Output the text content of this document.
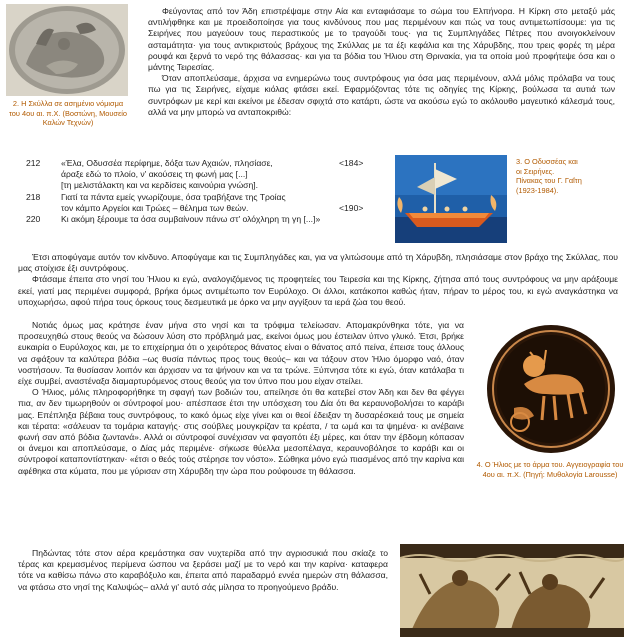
2. Η Σκύλλα σε ασημένιο νόμισμα του 4ου αι. π.Χ. (Βοστώνη, Μουσείο Καλών Τεχνών)

Φεύγοντας από τον Άδη επιστρέψαμε στην Αία και ενταφιάσαμε το σώμα του Ελπήνορα. Η Κίρκη στο μεταξύ μάς αντιλήφθηκε και με προειδοποίησε για τους κινδύνους που μας περιμένουν και πώς να τους αντιμετωπίσουμε: για τις Σειρήνες που μαγεύουν τους περαστικούς με το τραγούδι τους· για τις Συμπληγάδες Πέτρες που ανοιγοκλείνουν ασταμάτητα· για τους αντικριστούς βράχους της Σκύλλας με τα έξι κεφάλια και της Χάρυβδης, που τρεις φορές τη μέρα ρουφά και ξερνά το νερό της θάλασσας· και για τα βόδια του Ήλιου στη Θρινακία, για τα οποία μού προφήτεψε όσα και ο μάντης Τειρεσίας.

Όταν αποπλεύσαμε, άρχισα να ενημερώνω τους συντρόφους για όσα μας περιμένουν, αλλά μόλις πρόλαβα να τους πω για τις Σειρήνες, είχαμε κιόλας φτάσει εκεί. Εφαρμόζοντας τότε τις οδηγίες της Κίρκης, βούλωσα τα αυτιά των συντρόφων με κερί και εκείνοι με έδεσαν σφιχτά στο κατάρτι, ώστε να ακούσω εγώ το ακόλουθο μαγευτικό κάλεσμά τους, αλλά να μην μπορώ να ανταποκριθώ:

212	«Έλα, Οδυσσέα περίφημε, δόξα των Αχαιών, πλησίασε,	<184>
άραξε εδώ το πλοίο, ν' ακούσεις τη φωνή μας [...]
[τη μελιστάλακτη και να κερδίσεις καινούρια γνώση].
218	Γιατί τα πάντα εμείς γνωρίζουμε, όσα τραβήξανε της Τροίας
τον κάμπο Αργείοι και Τρώες – θέλημα των θεών.	<190>
220	Κι ακόμη ξέρουμε τα όσα συμβαίνουν πάνω στ' ολόχληρη τη γη [...]»
3. Ο Οδυσσέας και οι Σειρήνες. Πίνακας του Γ. Γαΐτη (1923-1984).

Έτσι αποφύγαμε αυτόν τον κίνδυνο. Αποφύγαμε και τις Συμπληγάδες και, για να γλιτώσουμε από τη Χάρυβδη, πλησιάσαμε στον βράχο της Σκύλλας, που μας στοίχισε έξι συντρόφους.

Φτάσαμε έπειτα στο νησί του Ήλιου κι εγώ, αναλογιζόμενος τις προφητείες του Τειρεσία και της Κίρκης, ζήτησα από τους συντρόφους να μην αράξουμε εκεί, γιατί μας περιμένει συμφορά, βρήκα όμως αντιμέτωπο τον Ευρύλοχο. Οι άλλοι, κατάκοποι καθώς ήταν, πήραν το μέρος του, κι εγώ αναγκάστηκα να υποχωρήσω, αφού πήρα τους όρκους τους δεσμευτικά με όρκο να μην αγγίξουν τα ιερά ζώα του θεού.

Νοτιάς όμως μας κράτησε έναν μήνα στο νησί και τα τρόφιμα τελείωσαν. Απομακρύνθηκα τότε, για να προσευχηθώ στους θεούς να δώσουν λύση στο πρόβλημά μας, εκείνοι όμως μου έστειλαν ύπνο γλυκό. Έτσι, βρήκε ευκαιρία ο Ευρύλοχος και, με το επιχείρημα ότι ο χειρότερος θάνατος είναι ο θάνατος από πείνα, έπεισε τους άλλους να σφάξουν τα καλύτερα βόδια –ως θυσία πάντως προς τους θεούς– και να τάξουν στον Ήλιο όμορφο ναό, όταν νοστήσουν. Τα θυσίασαν λοιπόν και άρχισαν να τα ψήνουν και να τα τρώνε. Ξύπνησα τότε κι εγώ, όταν κατάλαβα τι είχε συμβεί, αναστέναξα διαμαρτυρόμενος στους θεούς για τον ύπνο που μου είχαν στείλει.

Ο Ήλιος, μόλις πληροφορήθηκε τη σφαγή των βοδιών του, απείλησε ότι θα κατεβεί στον Άδη και δεν θα φέγγει πια, αν δεν τιμωρηθούν οι σύντροφοί μου· απέσπασε έτσι την υπόσχεση του Δία ότι θα κεραυνοβολήσει το καράβι μας. Επέπληξα βέβαια τους συντρόφους, το κακό όμως είχε γίνει και οι θεοί έδειξαν τη δυσαρέσκειά τους με σημεία και τέρατα: «σάλευαν τα τομάρια καταγής· στις σούβλες μουγκρίζαν τα κρέατα, / τα ωμά και τα ψημένα· κι ανέβαινε φωνή σαν από βόδια ζωντανά». Αλλά οι σύντροφοί συνέχισαν να φαγοπότι έξι μέρες, και όταν την έβδομη κόπασαν οι άνεμοι και αποπλεύσαμε, ο Δίας μάς περιμένε· σήκωσε θύελλα μεσοπέλαγα, κεραυνοβόλησε το καράβι και οι σύντροφοί καταποντίστηκαν· «έτσι ο θεός τούς στέρησε τον νόστο». Σώθηκα μόνο εγώ πιασμένος από την καρίνα και αφέθηκα στα κύματα, που με γύρισαν στη Χάρυβδη την ώρα που ρούφουσε τη θάλασσα.

4. Ο Ήλιος με το άρμα του. Αγγειογραφία του 4ου αι. π.Χ. (Πηγή: Μυθολογία Larousse)

Πηδώντας τότε στον αέρα κρεμάστηκα σαν νυχτερίδα από την αγριοσυκιά που σκίαζε το τέρας και κρεμασμένος περίμενα ώσπου να ξεράσει μαζί με το νερό και την καρίνα· καταφερα τότε να καθίσω πάνω στο καραβόξυλο και, έπειτα από παραδαρμό εννέα ημερών στη θάλασσα, να φτάσω στο νησί της Καλυψώς– αλλά γι' αυτό σάς μίλησα το προηγούμενο βράδυ.
